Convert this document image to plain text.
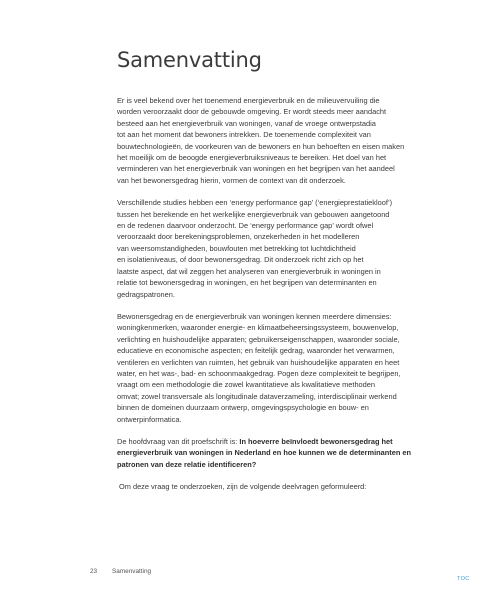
Samenvatting

Er is veel bekend over het toenemend energieverbruik en de milieuvervuiling die
worden veroorzaakt door de gebouwde omgeving. Er wordt steeds meer aandacht
besteed aan het energieverbruik van woningen, vanaf de vroege ontwerpstadia
tot aan het moment dat bewoners intrekken. De toenemende complexiteit van
bouwtechnologieën, de voorkeuren van de bewoners en hun behoeften en eisen maken
het moeilijk om de beoogde energieverbruiksniveaus te bereiken. Het doel van het
verminderen van het energieverbruik van woningen en het begrijpen van het aandeel
van het bewonersgedrag hierin, vormen de context van dit onderzoek.

Verschillende studies hebben een ‘energy performance gap’ (‘energieprestatiekloof’)
tussen het berekende en het werkelijke energieverbruik van gebouwen aangetoond
en de redenen daarvoor onderzocht. De ‘energy performance gap’ wordt ofwel
veroorzaakt door berekeningsproblemen, onzekerheden in het modelleren
van weersomstandigheden, bouwfouten met betrekking tot luchtdichtheid
en isolatieniveaus, of door bewonersgedrag. Dit onderzoek richt zich op het
laatste aspect, dat wil zeggen het analyseren van energieverbruik in woningen in
relatie tot bewonersgedrag in woningen, en het begrijpen van determinanten en
gedragspatronen.

Bewonersgedrag en de energieverbruik van woningen kennen meerdere dimensies:
woningkenmerken, waaronder energie- en klimaatbeheersingssysteem, bouwenvelop,
verlichting en huishoudelijke apparaten; gebruikerseigenschappen, waaronder sociale,
educatieve en economische aspecten; en feitelijk gedrag, waaronder het verwarmen,
ventileren en verlichten van ruimten, het gebruik van huishoudelijke apparaten en heet
water, en het was-, bad- en schoonmaakgedrag. Pogen deze complexiteit te begrijpen,
vraagt om een methodologie die zowel kwantitatieve als kwalitatieve methoden
omvat; zowel transversale als longitudinale dataverzameling, interdisciplinair werkend
binnen de domeinen duurzaam ontwerp, omgevingspsychologie en bouw- en
ontwerpinformatica.

De hoofdvraag van dit proefschrift is: In hoeverre beïnvloedt bewonersgedrag het
energieverbruik van woningen in Nederland en hoe kunnen we de determinanten en
patronen van deze relatie identificeren?

Om deze vraag te onderzoeken, zijn de volgende deelvragen geformuleerd:

23 Samenvatting
TOC
